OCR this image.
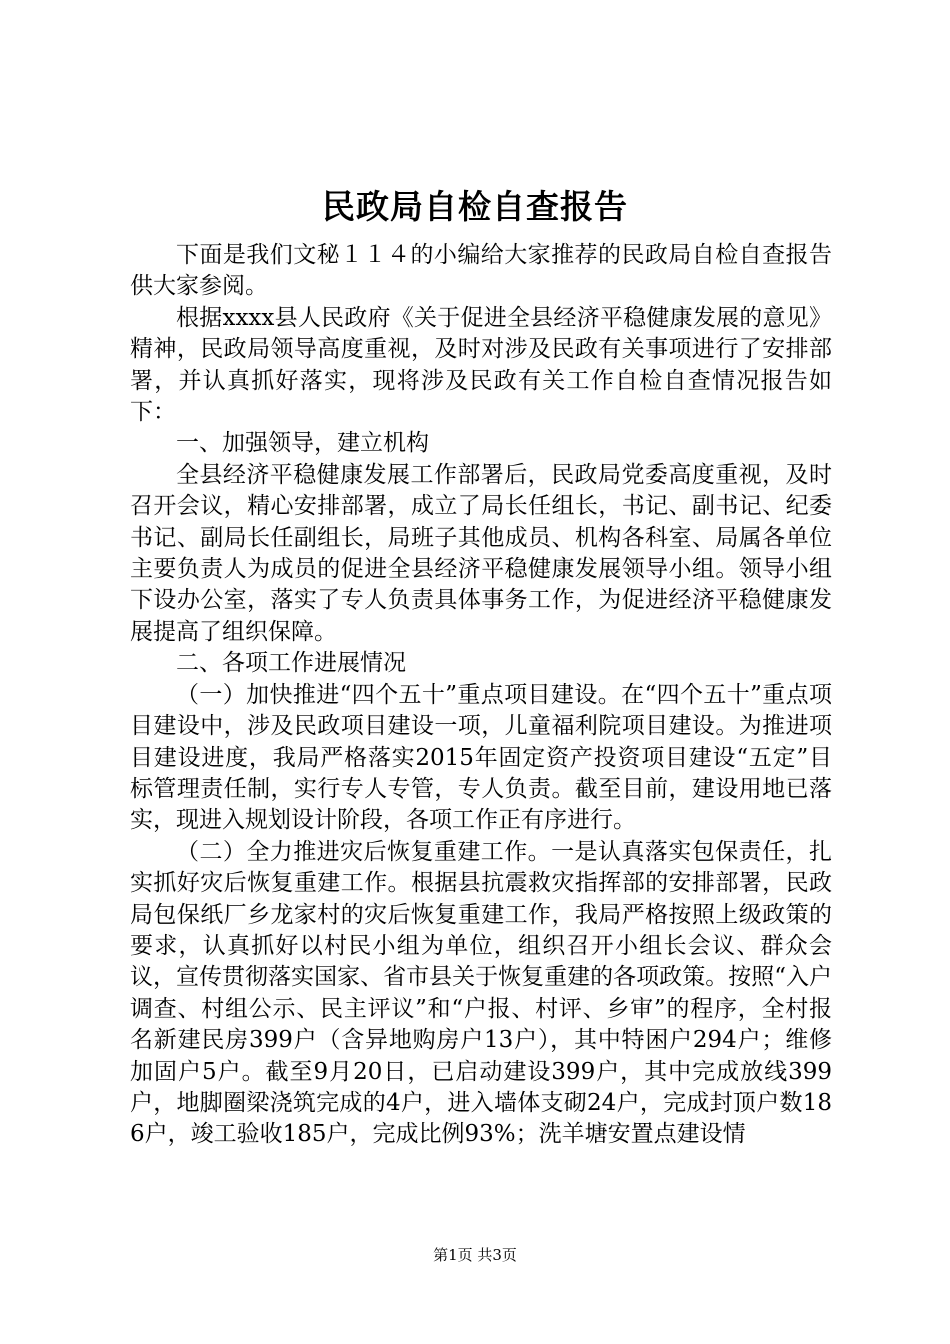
民政局自检自查报告

下面是我们文秘１１４的小编给大家推荐的民政局自检自查报告供大家参阅。

根据xxxx县人民政府《关于促进全县经济平稳健康发展的意见》精神，民政局领导高度重视，及时对涉及民政有关事项进行了安排部署，并认真抓好落实，现将涉及民政有关工作自检自查情况报告如下：

一、加强领导，建立机构

全县经济平稳健康发展工作部署后，民政局党委高度重视，及时召开会议，精心安排部署，成立了局长任组长，书记、副书记、纪委书记、副局长任副组长，局班子其他成员、机构各科室、局属各单位主要负责人为成员的促进全县经济平稳健康发展领导小组。领导小组下设办公室，落实了专人负责具体事务工作，为促进经济平稳健康发展提高了组织保障。

二、各项工作进展情况

（一）加快推进“四个五十”重点项目建设。在“四个五十”重点项目建设中，涉及民政项目建设一项，儿童福利院项目建设。为推进项目建设进度，我局严格落实2015年固定资产投资项目建设“五定”目标管理责任制，实行专人专管，专人负责。截至目前，建设用地已落实，现进入规划设计阶段，各项工作正有序进行。

（二）全力推进灾后恢复重建工作。一是认真落实包保责任，扎实抓好灾后恢复重建工作。根据县抗震救灾指挥部的安排部署，民政局包保纸厂乡龙家村的灾后恢复重建工作，我局严格按照上级政策的要求，认真抓好以村民小组为单位，组织召开小组长会议、群众会议，宣传贯彻落实国家、省市县关于恢复重建的各项政策。按照“入户调查、村组公示、民主评议”和“户报、村评、乡审”的程序，全村报名新建民房399户（含异地购房户13户），其中特困户294户；维修加固户5户。截至9月20日，已启动建设399户，其中完成放线399户，地脚圈梁浇筑完成的4户，进入墙体支砌24户，完成封顶户数186户，竣工验收185户，完成比例93%；洗羊塘安置点建设情

第1页 共3页
